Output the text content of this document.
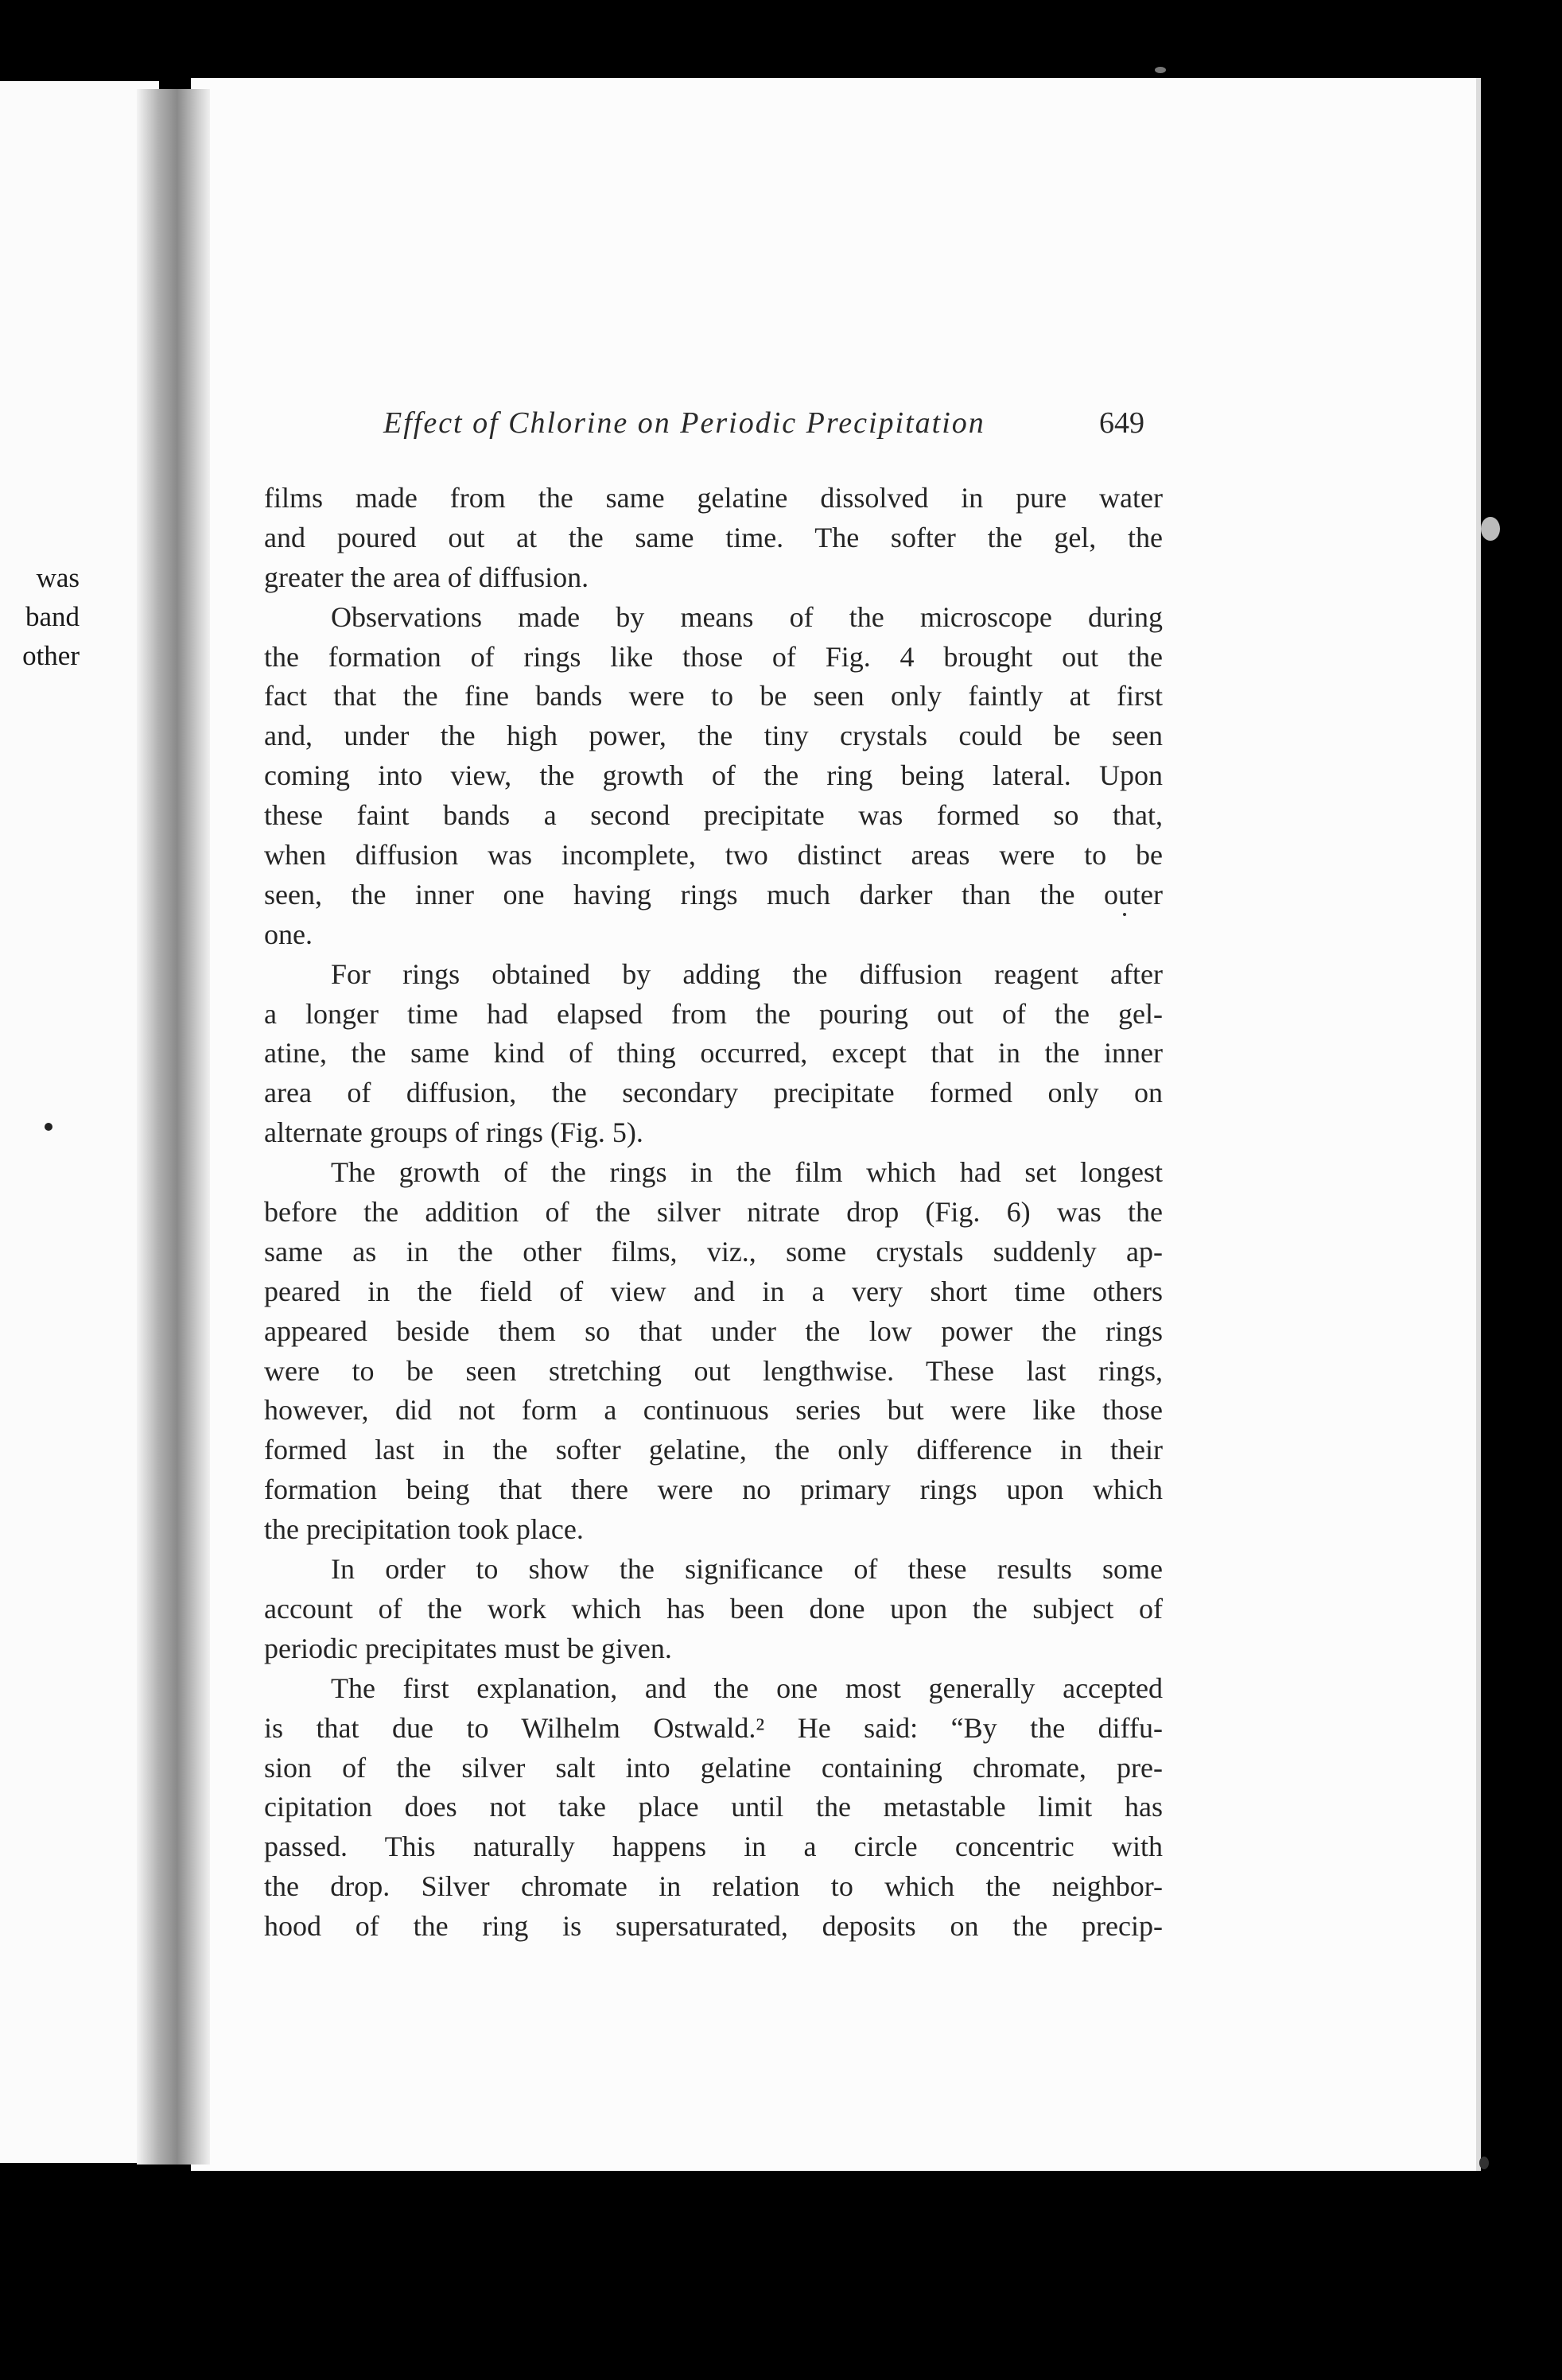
was
band
other
Effect of Chlorine on Periodic Precipitation	649
films made from the same gelatine dissolved in pure water
and poured out at the same time. The softer the gel, the
greater the area of diffusion.
Observations made by means of the microscope during
the formation of rings like those of Fig. 4 brought out the
fact that the fine bands were to be seen only faintly at first
and, under the high power, the tiny crystals could be seen
coming into view, the growth of the ring being lateral. Upon
these faint bands a second precipitate was formed so that,
when diffusion was incomplete, two distinct areas were to be
seen, the inner one having rings much darker than the outer
one.
For rings obtained by adding the diffusion reagent after
a longer time had elapsed from the pouring out of the gel-
atine, the same kind of thing occurred, except that in the inner
area of diffusion, the secondary precipitate formed only on
alternate groups of rings (Fig. 5).
The growth of the rings in the film which had set longest
before the addition of the silver nitrate drop (Fig. 6) was the
same as in the other films, viz., some crystals suddenly ap-
peared in the field of view and in a very short time others
appeared beside them so that under the low power the rings
were to be seen stretching out lengthwise. These last rings,
however, did not form a continuous series but were like those
formed last in the softer gelatine, the only difference in their
formation being that there were no primary rings upon which
the precipitation took place.
In order to show the significance of these results some
account of the work which has been done upon the subject of
periodic precipitates must be given.
The first explanation, and the one most generally accepted
is that due to Wilhelm Ostwald.² He said: “By the diffu-
sion of the silver salt into gelatine containing chromate, pre-
cipitation does not take place until the metastable limit has
passed. This naturally happens in a circle concentric with
the drop. Silver chromate in relation to which the neighbor-
hood of the ring is supersaturated, deposits on the precip-
